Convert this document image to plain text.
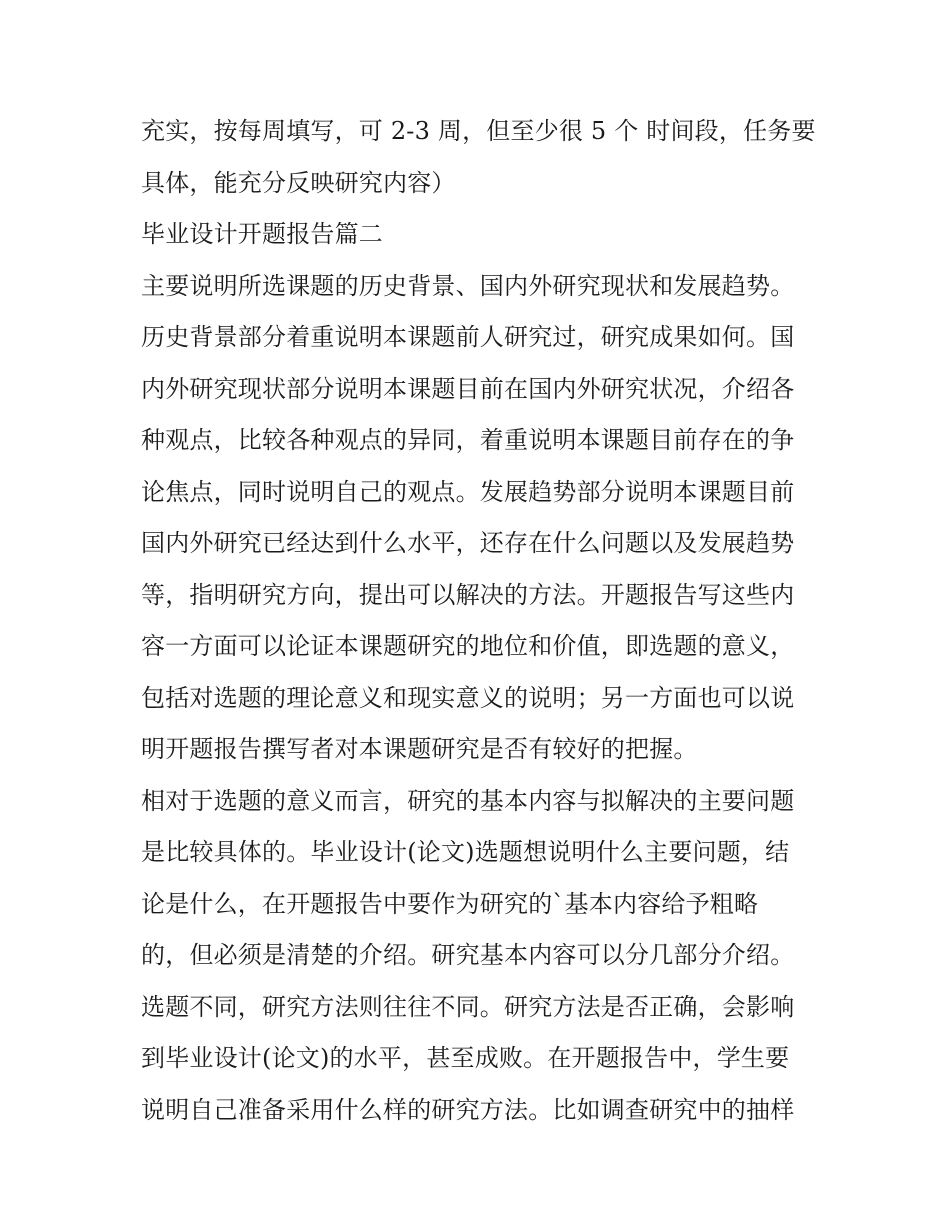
充实，按每周填写，可 2-3 周，但至少很 5 个 时间段，任务要
具体，能充分反映研究内容）
毕业设计开题报告篇二
主要说明所选课题的历史背景、国内外研究现状和发展趋势。
历史背景部分着重说明本课题前人研究过，研究成果如何。国
内外研究现状部分说明本课题目前在国内外研究状况，介绍各
种观点，比较各种观点的异同，着重说明本课题目前存在的争
论焦点，同时说明自己的观点。发展趋势部分说明本课题目前
国内外研究已经达到什么水平，还存在什么问题以及发展趋势
等，指明研究方向，提出可以解决的方法。开题报告写这些内
容一方面可以论证本课题研究的地位和价值，即选题的意义，
包括对选题的理论意义和现实意义的说明；另一方面也可以说
明开题报告撰写者对本课题研究是否有较好的把握。
相对于选题的意义而言，研究的基本内容与拟解决的主要问题
是比较具体的。毕业设计(论文)选题想说明什么主要问题，结
论是什么，在开题报告中要作为研究的`基本内容给予粗略
的，但必须是清楚的介绍。研究基本内容可以分几部分介绍。
选题不同，研究方法则往往不同。研究方法是否正确，会影响
到毕业设计(论文)的水平，甚至成败。在开题报告中，学生要
说明自己准备采用什么样的研究方法。比如调查研究中的抽样
